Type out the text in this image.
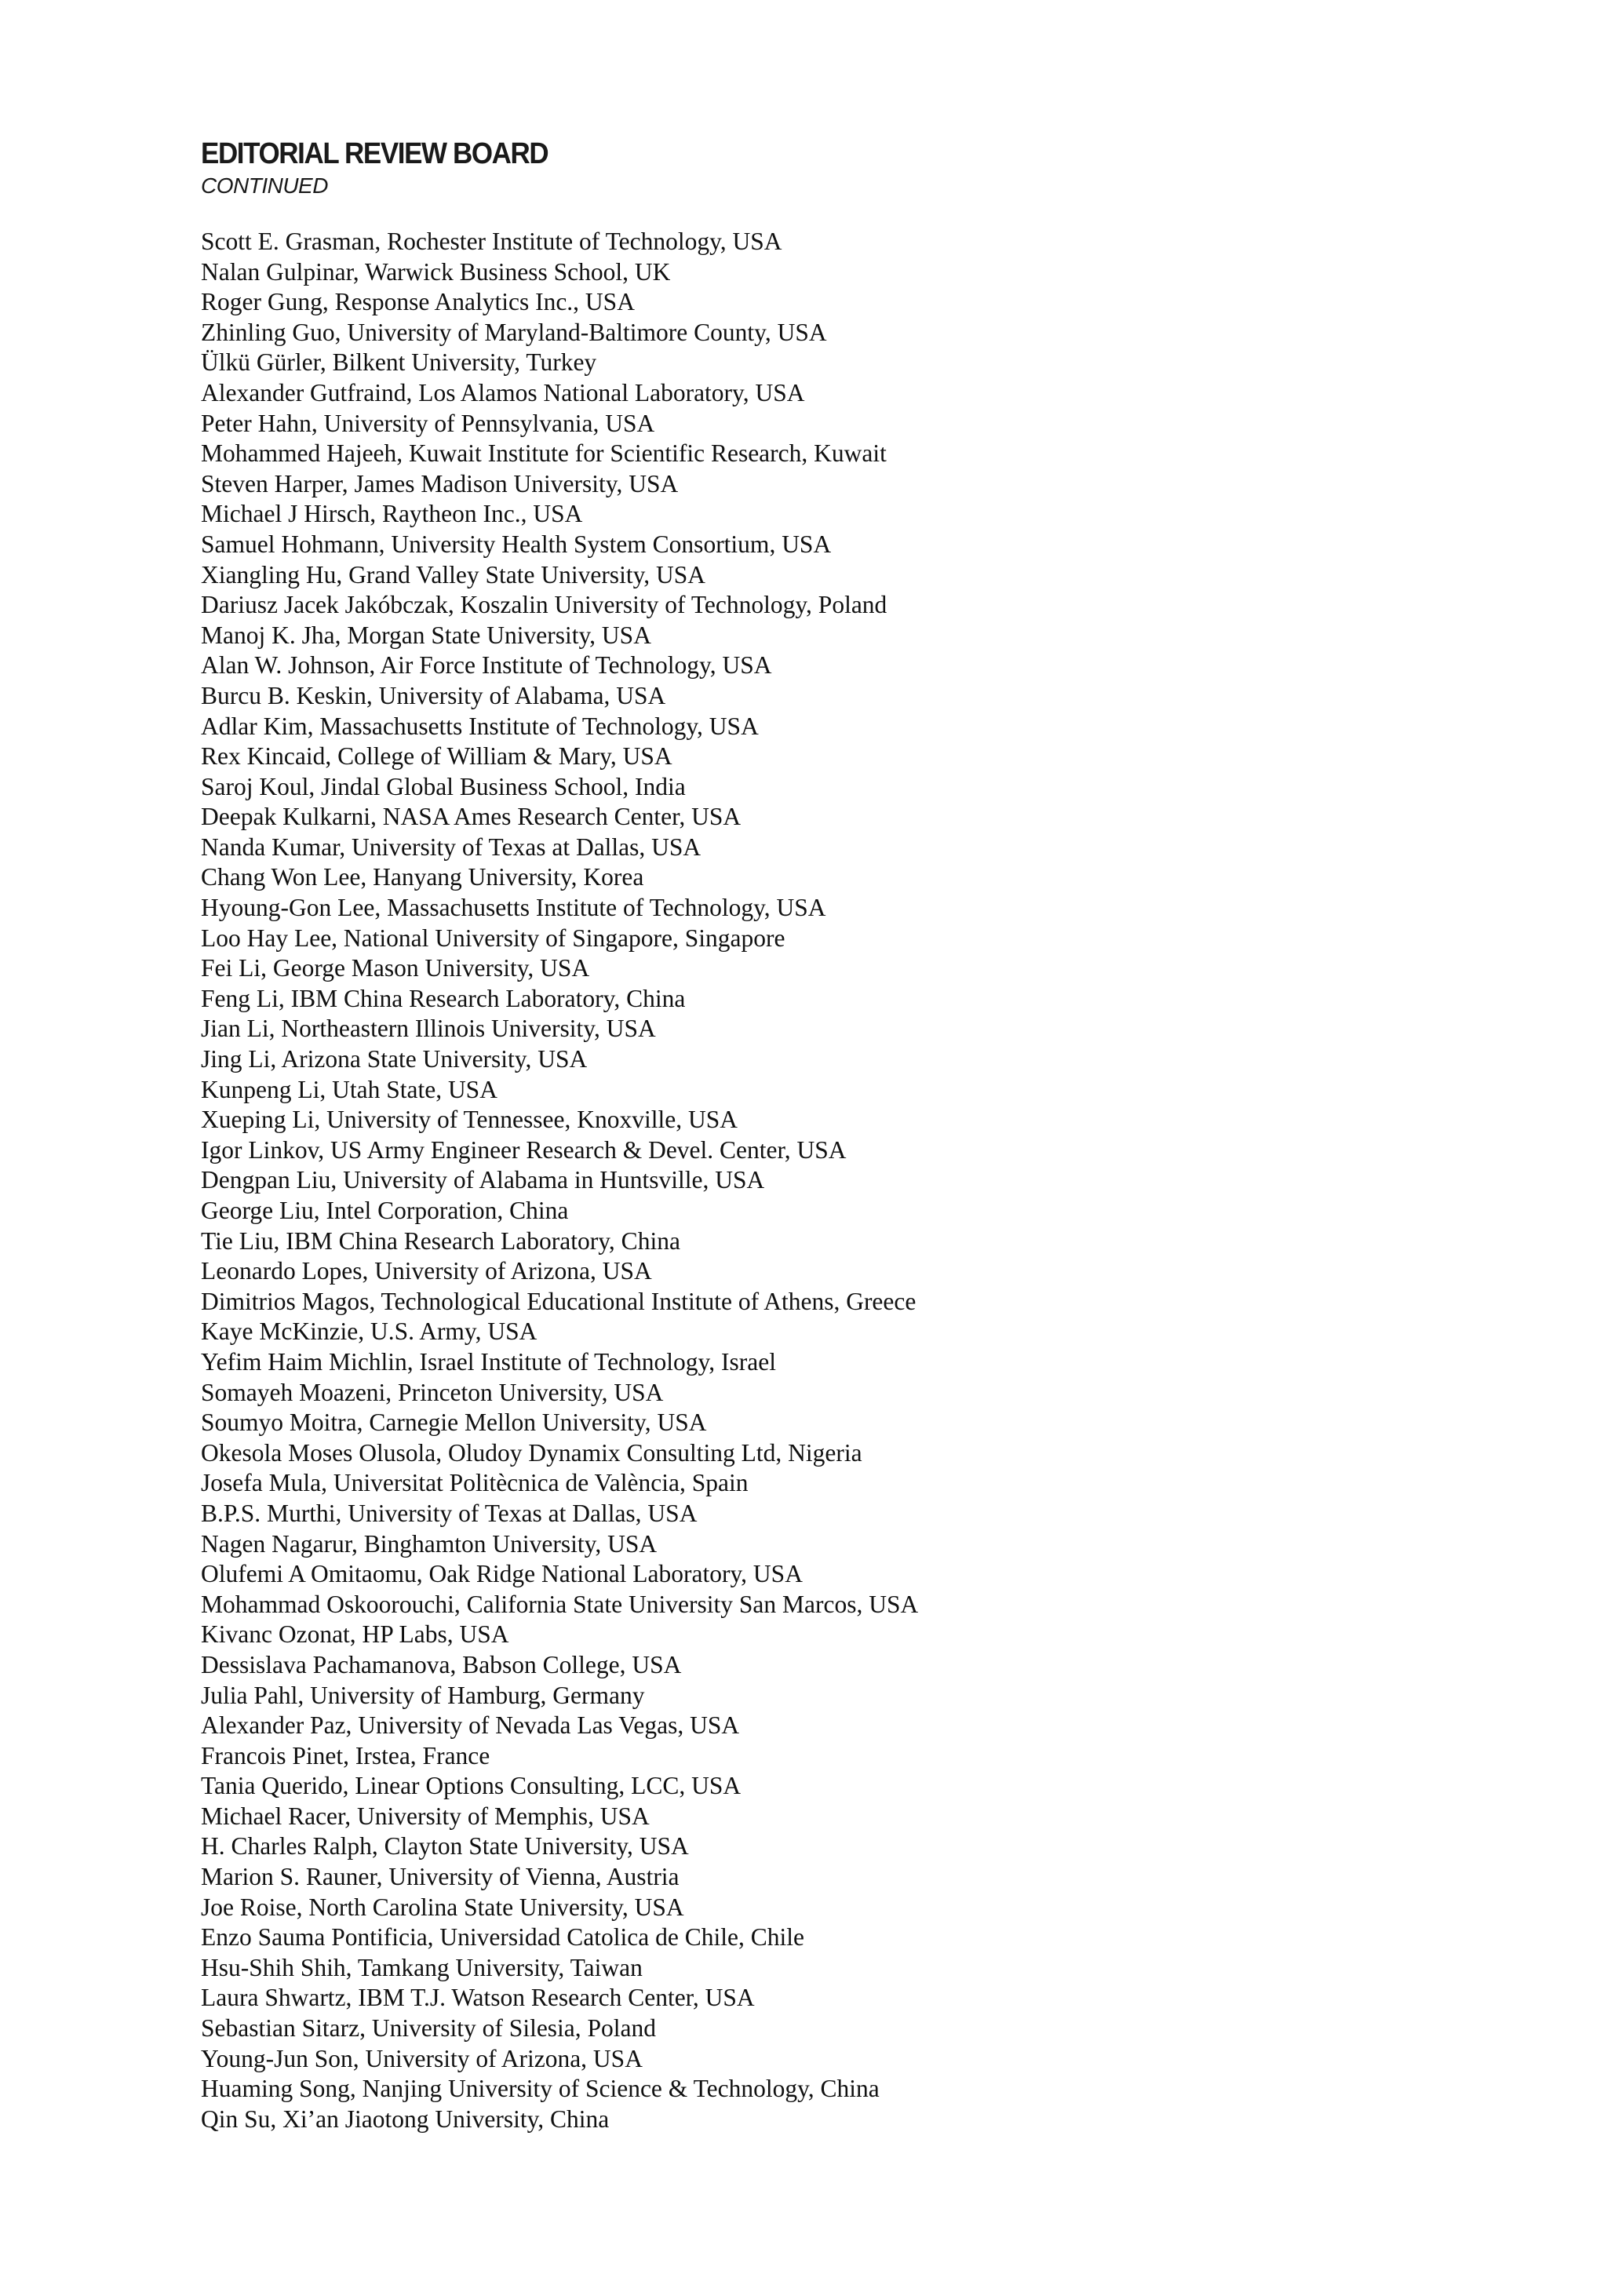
EDITORIAL REVIEW BOARD
CONTINUED
Scott E. Grasman, Rochester Institute of Technology, USA
Nalan Gulpinar, Warwick Business School, UK
Roger Gung, Response Analytics Inc., USA
Zhinling Guo, University of Maryland-Baltimore County, USA
Ülkü Gürler, Bilkent University, Turkey
Alexander Gutfraind, Los Alamos National Laboratory, USA
Peter Hahn, University of Pennsylvania, USA
Mohammed Hajeeh, Kuwait Institute for Scientific Research, Kuwait
Steven Harper, James Madison University, USA
Michael J Hirsch, Raytheon Inc., USA
Samuel Hohmann, University Health System Consortium, USA
Xiangling Hu, Grand Valley State University, USA
Dariusz Jacek Jakóbczak, Koszalin University of Technology, Poland
Manoj K. Jha, Morgan State University, USA
Alan W. Johnson, Air Force Institute of Technology, USA
Burcu B. Keskin, University of Alabama, USA
Adlar Kim, Massachusetts Institute of Technology, USA
Rex Kincaid, College of William & Mary, USA
Saroj Koul, Jindal Global Business School, India
Deepak Kulkarni, NASA Ames Research Center, USA
Nanda Kumar, University of Texas at Dallas, USA
Chang Won Lee, Hanyang University, Korea
Hyoung-Gon Lee, Massachusetts Institute of Technology, USA
Loo Hay Lee, National University of Singapore, Singapore
Fei Li, George Mason University, USA
Feng Li, IBM China Research Laboratory, China
Jian Li, Northeastern Illinois University, USA
Jing Li, Arizona State University, USA
Kunpeng Li, Utah State, USA
Xueping Li, University of Tennessee, Knoxville, USA
Igor Linkov, US Army Engineer Research & Devel. Center, USA
Dengpan Liu, University of Alabama in Huntsville, USA
George Liu, Intel Corporation, China
Tie Liu, IBM China Research Laboratory, China
Leonardo Lopes, University of Arizona, USA
Dimitrios Magos, Technological Educational Institute of Athens, Greece
Kaye McKinzie, U.S. Army, USA
Yefim Haim Michlin, Israel Institute of Technology, Israel
Somayeh Moazeni, Princeton University, USA
Soumyo Moitra, Carnegie Mellon University, USA
Okesola Moses Olusola, Oludoy Dynamix Consulting Ltd, Nigeria
Josefa Mula, Universitat Politècnica de València, Spain
B.P.S. Murthi, University of Texas at Dallas, USA
Nagen Nagarur, Binghamton University, USA
Olufemi A Omitaomu, Oak Ridge National Laboratory, USA
Mohammad Oskoorouchi, California State University San Marcos, USA
Kivanc Ozonat, HP Labs, USA
Dessislava Pachamanova, Babson College, USA
Julia Pahl, University of Hamburg, Germany
Alexander Paz, University of Nevada Las Vegas, USA
Francois Pinet, Irstea, France
Tania Querido, Linear Options Consulting, LCC, USA
Michael Racer, University of Memphis, USA
H. Charles Ralph, Clayton State University, USA
Marion S. Rauner, University of Vienna, Austria
Joe Roise, North Carolina State University, USA
Enzo Sauma Pontificia, Universidad Catolica de Chile, Chile
Hsu-Shih Shih, Tamkang University, Taiwan
Laura Shwartz, IBM T.J. Watson Research Center, USA
Sebastian Sitarz, University of Silesia, Poland
Young-Jun Son, University of Arizona, USA
Huaming Song, Nanjing University of Science & Technology, China
Qin Su, Xi’an Jiaotong University, China
